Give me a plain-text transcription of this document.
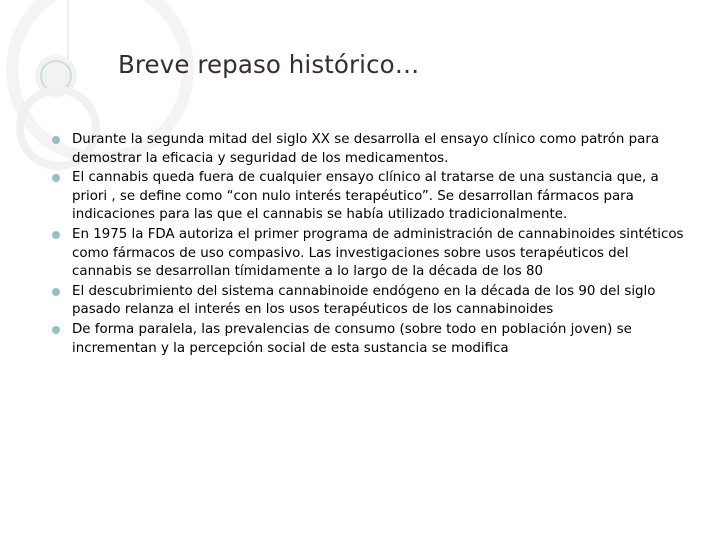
Breve repaso histórico…
Durante la segunda mitad del siglo XX se desarrolla el ensayo clínico como patrón para demostrar la eficacia y seguridad de los medicamentos.
El cannabis queda fuera de cualquier ensayo clínico al tratarse de una sustancia que, a priori , se define como “con nulo interés terapéutico”. Se desarrollan fármacos para indicaciones para las que el cannabis se había utilizado tradicionalmente.
En 1975 la FDA autoriza el primer programa de administración de cannabinoides sintéticos como fármacos de uso compasivo. Las investigaciones sobre usos terapéuticos del cannabis se desarrollan tímidamente a lo largo de la década de los 80
El descubrimiento del sistema cannabinoide endógeno en la década de los 90 del siglo pasado relanza el interés en los usos terapéuticos de los cannabinoides
De forma paralela, las prevalencias de consumo (sobre todo en población joven) se incrementan y la percepción social de esta sustancia se modifica
